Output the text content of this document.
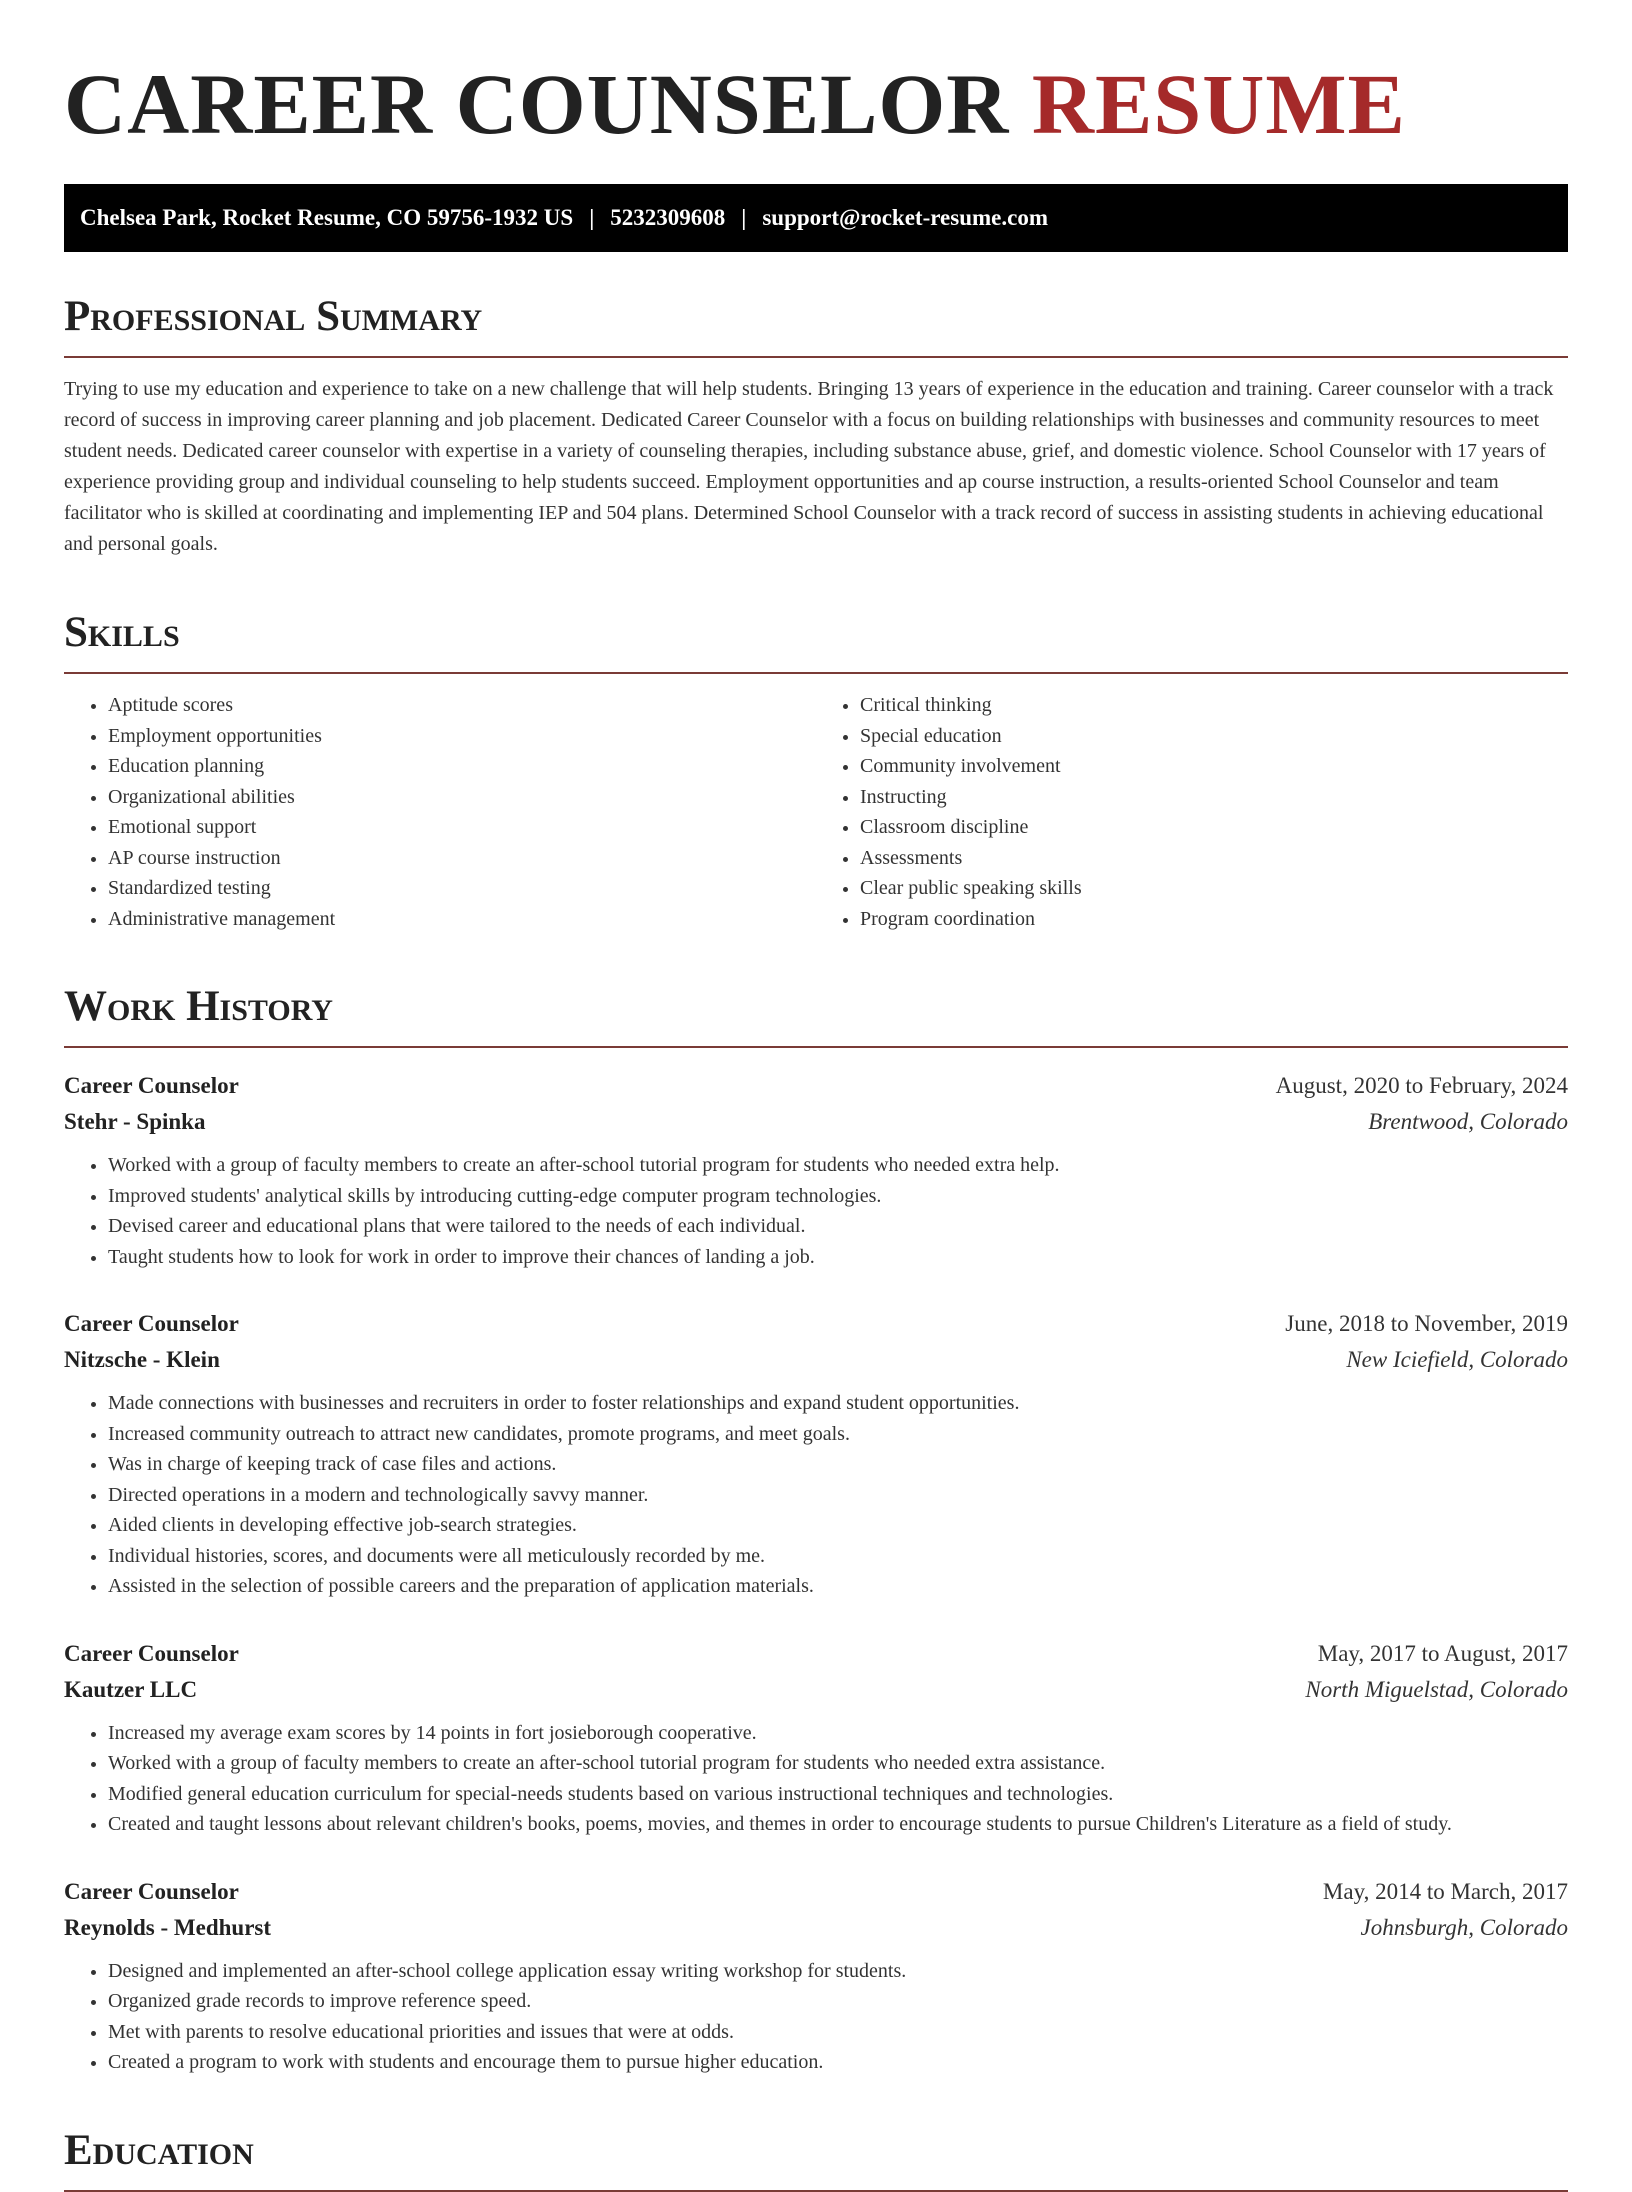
CAREER COUNSELOR RESUME
Chelsea Park, Rocket Resume, CO 59756-1932 US | 5232309608 | support@rocket-resume.com
Professional Summary

Trying to use my education and experience to take on a new challenge that will help students. Bringing 13 years of experience in the education and training. Career counselor with a track record of success in improving career planning and job placement. Dedicated Career Counselor with a focus on building relationships with businesses and community resources to meet student needs. Dedicated career counselor with expertise in a variety of counseling therapies, including substance abuse, grief, and domestic violence. School Counselor with 17 years of experience providing group and individual counseling to help students succeed. Employment opportunities and ap course instruction, a results-oriented School Counselor and team facilitator who is skilled at coordinating and implementing IEP and 504 plans. Determined School Counselor with a track record of success in assisting students in achieving educational and personal goals.

Skills
• Aptitude scores
• Employment opportunities
• Education planning
• Organizational abilities
• Emotional support
• AP course instruction
• Standardized testing
• Administrative management
• Critical thinking
• Special education
• Community involvement
• Instructing
• Classroom discipline
• Assessments
• Clear public speaking skills
• Program coordination
Work History
Career Counselor	August, 2020 to February, 2024
Stehr - Spinka	Brentwood, Colorado
• Worked with a group of faculty members to create an after-school tutorial program for students who needed extra help.
• Improved students' analytical skills by introducing cutting-edge computer program technologies.
• Devised career and educational plans that were tailored to the needs of each individual.
• Taught students how to look for work in order to improve their chances of landing a job.
Career Counselor	June, 2018 to November, 2019
Nitzsche - Klein	New Iciefield, Colorado
• Made connections with businesses and recruiters in order to foster relationships and expand student opportunities.
• Increased community outreach to attract new candidates, promote programs, and meet goals.
• Was in charge of keeping track of case files and actions.
• Directed operations in a modern and technologically savvy manner.
• Aided clients in developing effective job-search strategies.
• Individual histories, scores, and documents were all meticulously recorded by me.
• Assisted in the selection of possible careers and the preparation of application materials.
Career Counselor	May, 2017 to August, 2017
Kautzer LLC	North Miguelstad, Colorado
• Increased my average exam scores by 14 points in fort josieborough cooperative.
• Worked with a group of faculty members to create an after-school tutorial program for students who needed extra assistance.
• Modified general education curriculum for special-needs students based on various instructional techniques and technologies.
• Created and taught lessons about relevant children's books, poems, movies, and themes in order to encourage students to pursue Children's Literature as a field of study.
Career Counselor	May, 2014 to March, 2017
Reynolds - Medhurst	Johnsburgh, Colorado
• Designed and implemented an after-school college application essay writing workshop for students.
• Organized grade records to improve reference speed.
• Met with parents to resolve educational priorities and issues that were at odds.
• Created a program to work with students and encourage them to pursue higher education.
Education
